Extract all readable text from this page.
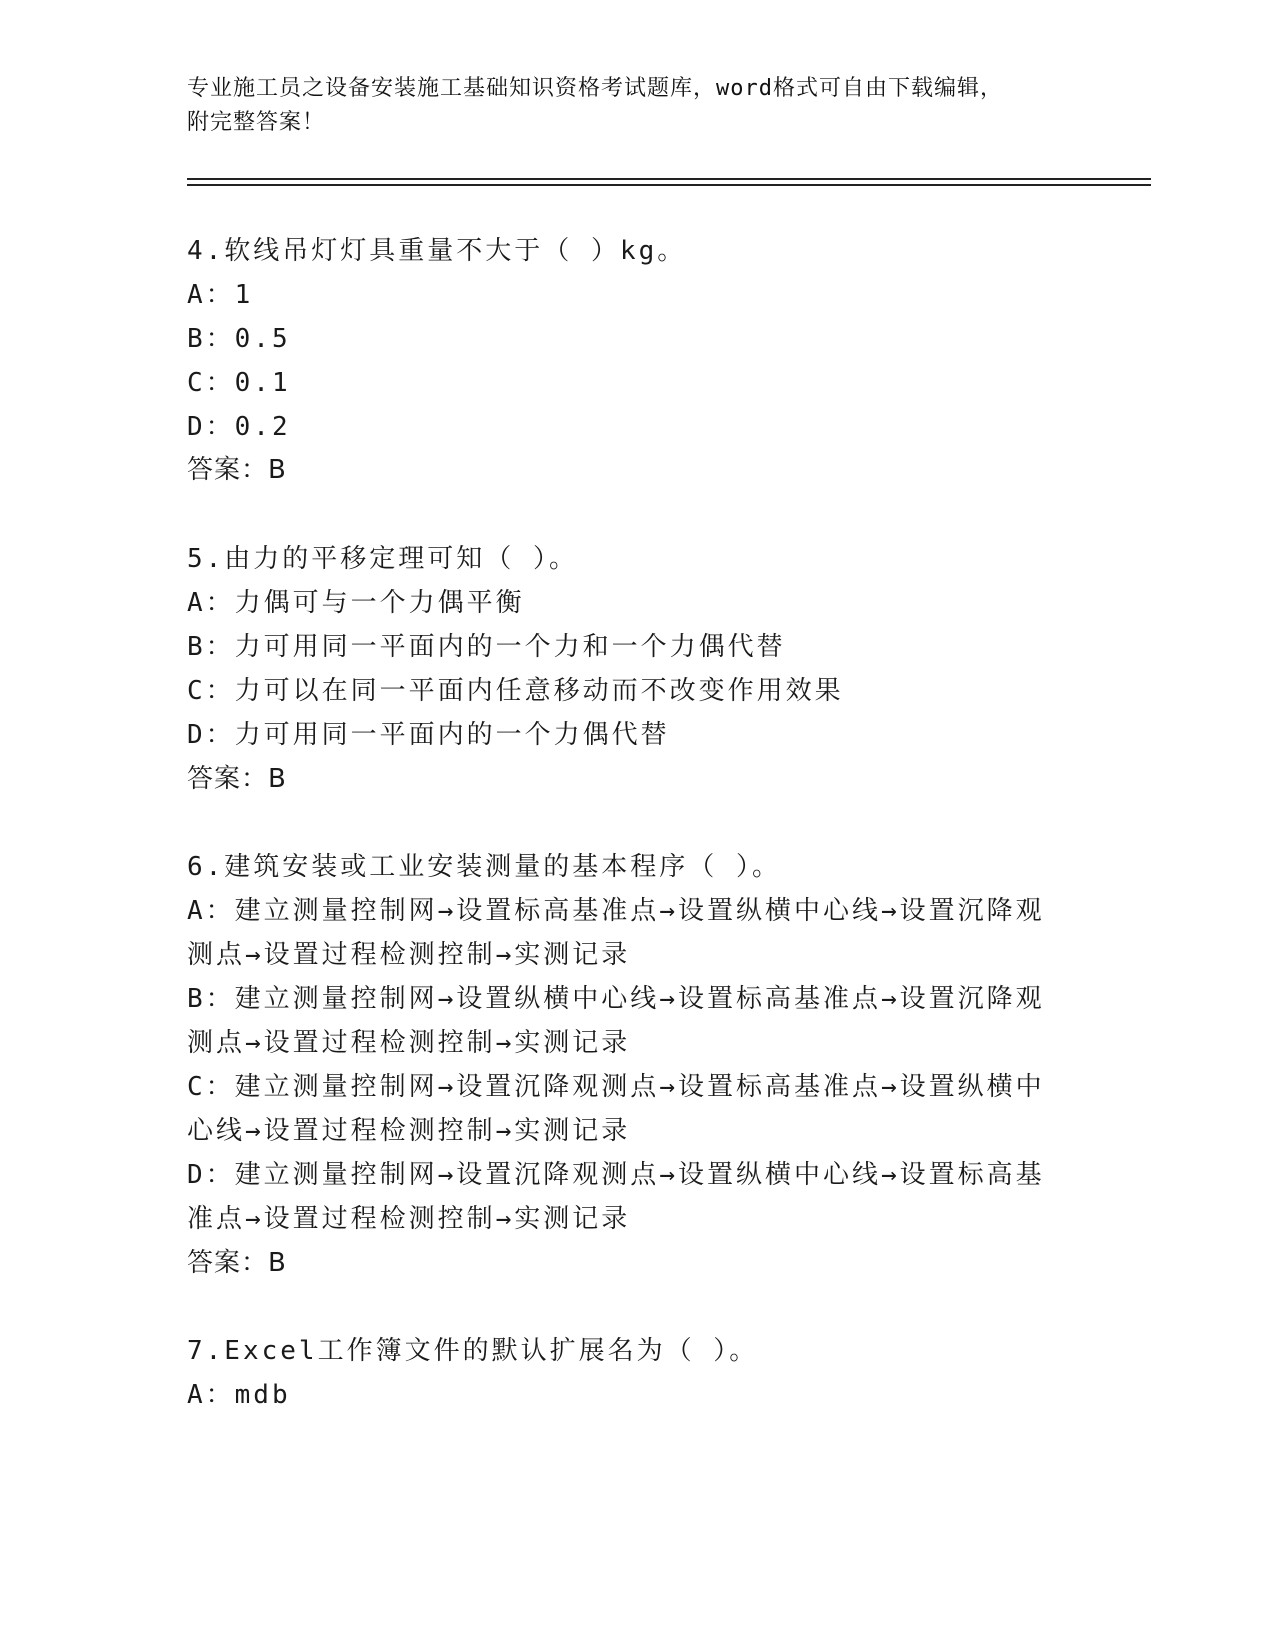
专业施工员之设备安装施工基础知识资格考试题库，word格式可自由下载编辑，
附完整答案！
4.软线吊灯灯具重量不大于（ ）kg。
A：1
B：0.5
C：0.1
D：0.2
答案：B
5.由力的平移定理可知（ ）。
A：力偶可与一个力偶平衡
B：力可用同一平面内的一个力和一个力偶代替
C：力可以在同一平面内任意移动而不改变作用效果
D：力可用同一平面内的一个力偶代替
答案：B
6.建筑安装或工业安装测量的基本程序（ ）。
A：建立测量控制网→设置标高基准点→设置纵横中心线→设置沉降观
测点→设置过程检测控制→实测记录
B：建立测量控制网→设置纵横中心线→设置标高基准点→设置沉降观
测点→设置过程检测控制→实测记录
C：建立测量控制网→设置沉降观测点→设置标高基准点→设置纵横中
心线→设置过程检测控制→实测记录
D：建立测量控制网→设置沉降观测点→设置纵横中心线→设置标高基
准点→设置过程检测控制→实测记录
答案：B
7.Excel工作簿文件的默认扩展名为（ ）。
A：mdb
